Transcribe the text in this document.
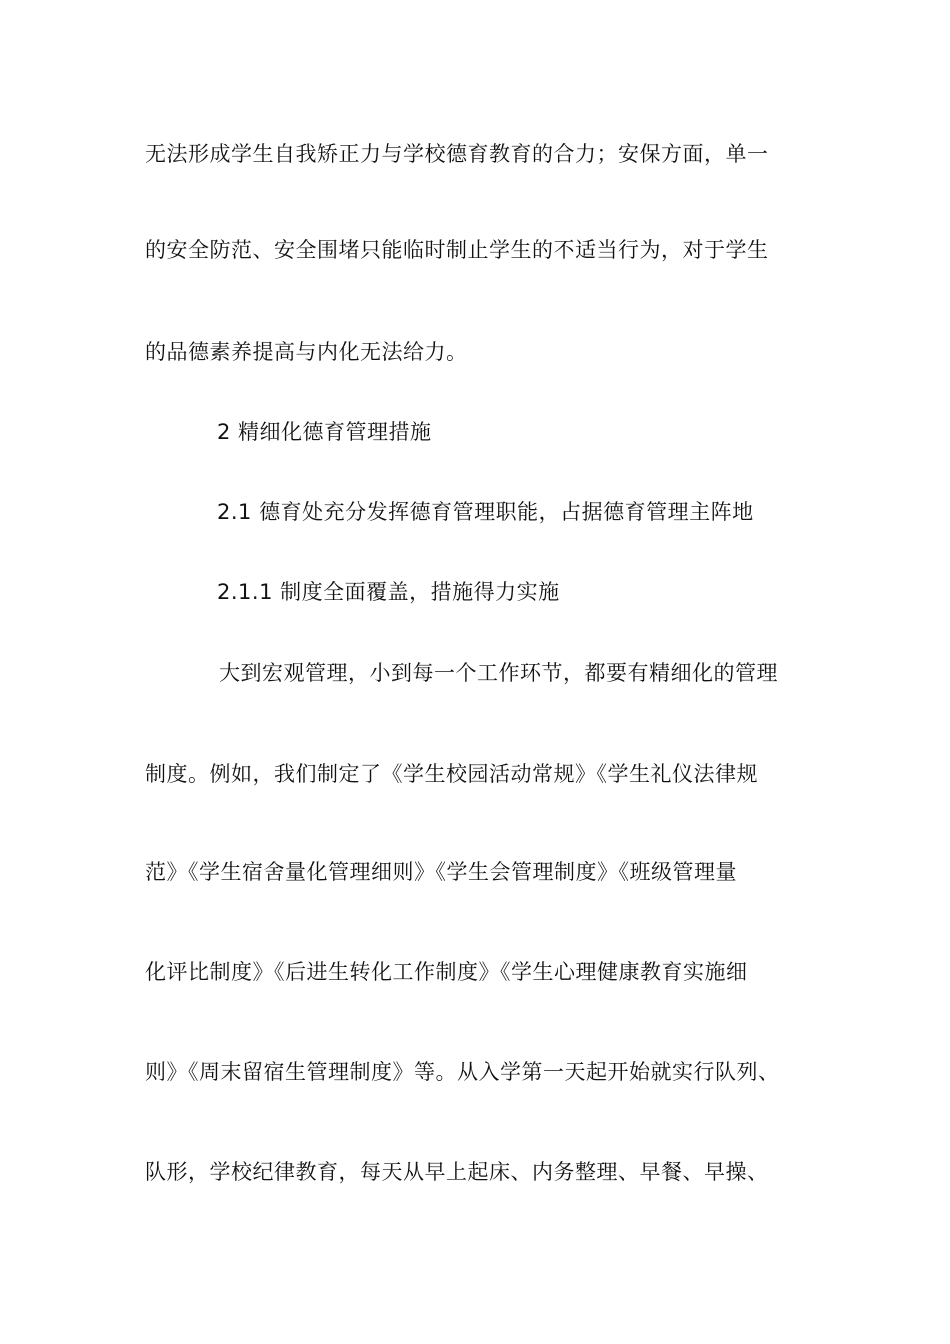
无法形成学生自我矫正力与学校德育教育的合力；安保方面，单一
的安全防范、安全围堵只能临时制止学生的不适当行为，对于学生
的品德素养提高与内化无法给力。
2 精细化德育管理措施
2.1 德育处充分发挥德育管理职能，占据德育管理主阵地
2.1.1 制度全面覆盖，措施得力实施
大到宏观管理，小到每一个工作环节，都要有精细化的管理
制度。例如，我们制定了《学生校园活动常规》《学生礼仪法律规
范》《学生宿舍量化管理细则》《学生会管理制度》《班级管理量
化评比制度》《后进生转化工作制度》《学生心理健康教育实施细
则》《周末留宿生管理制度》等。从入学第一天起开始就实行队列、
队形，学校纪律教育，每天从早上起床、内务整理、早餐、早操、
